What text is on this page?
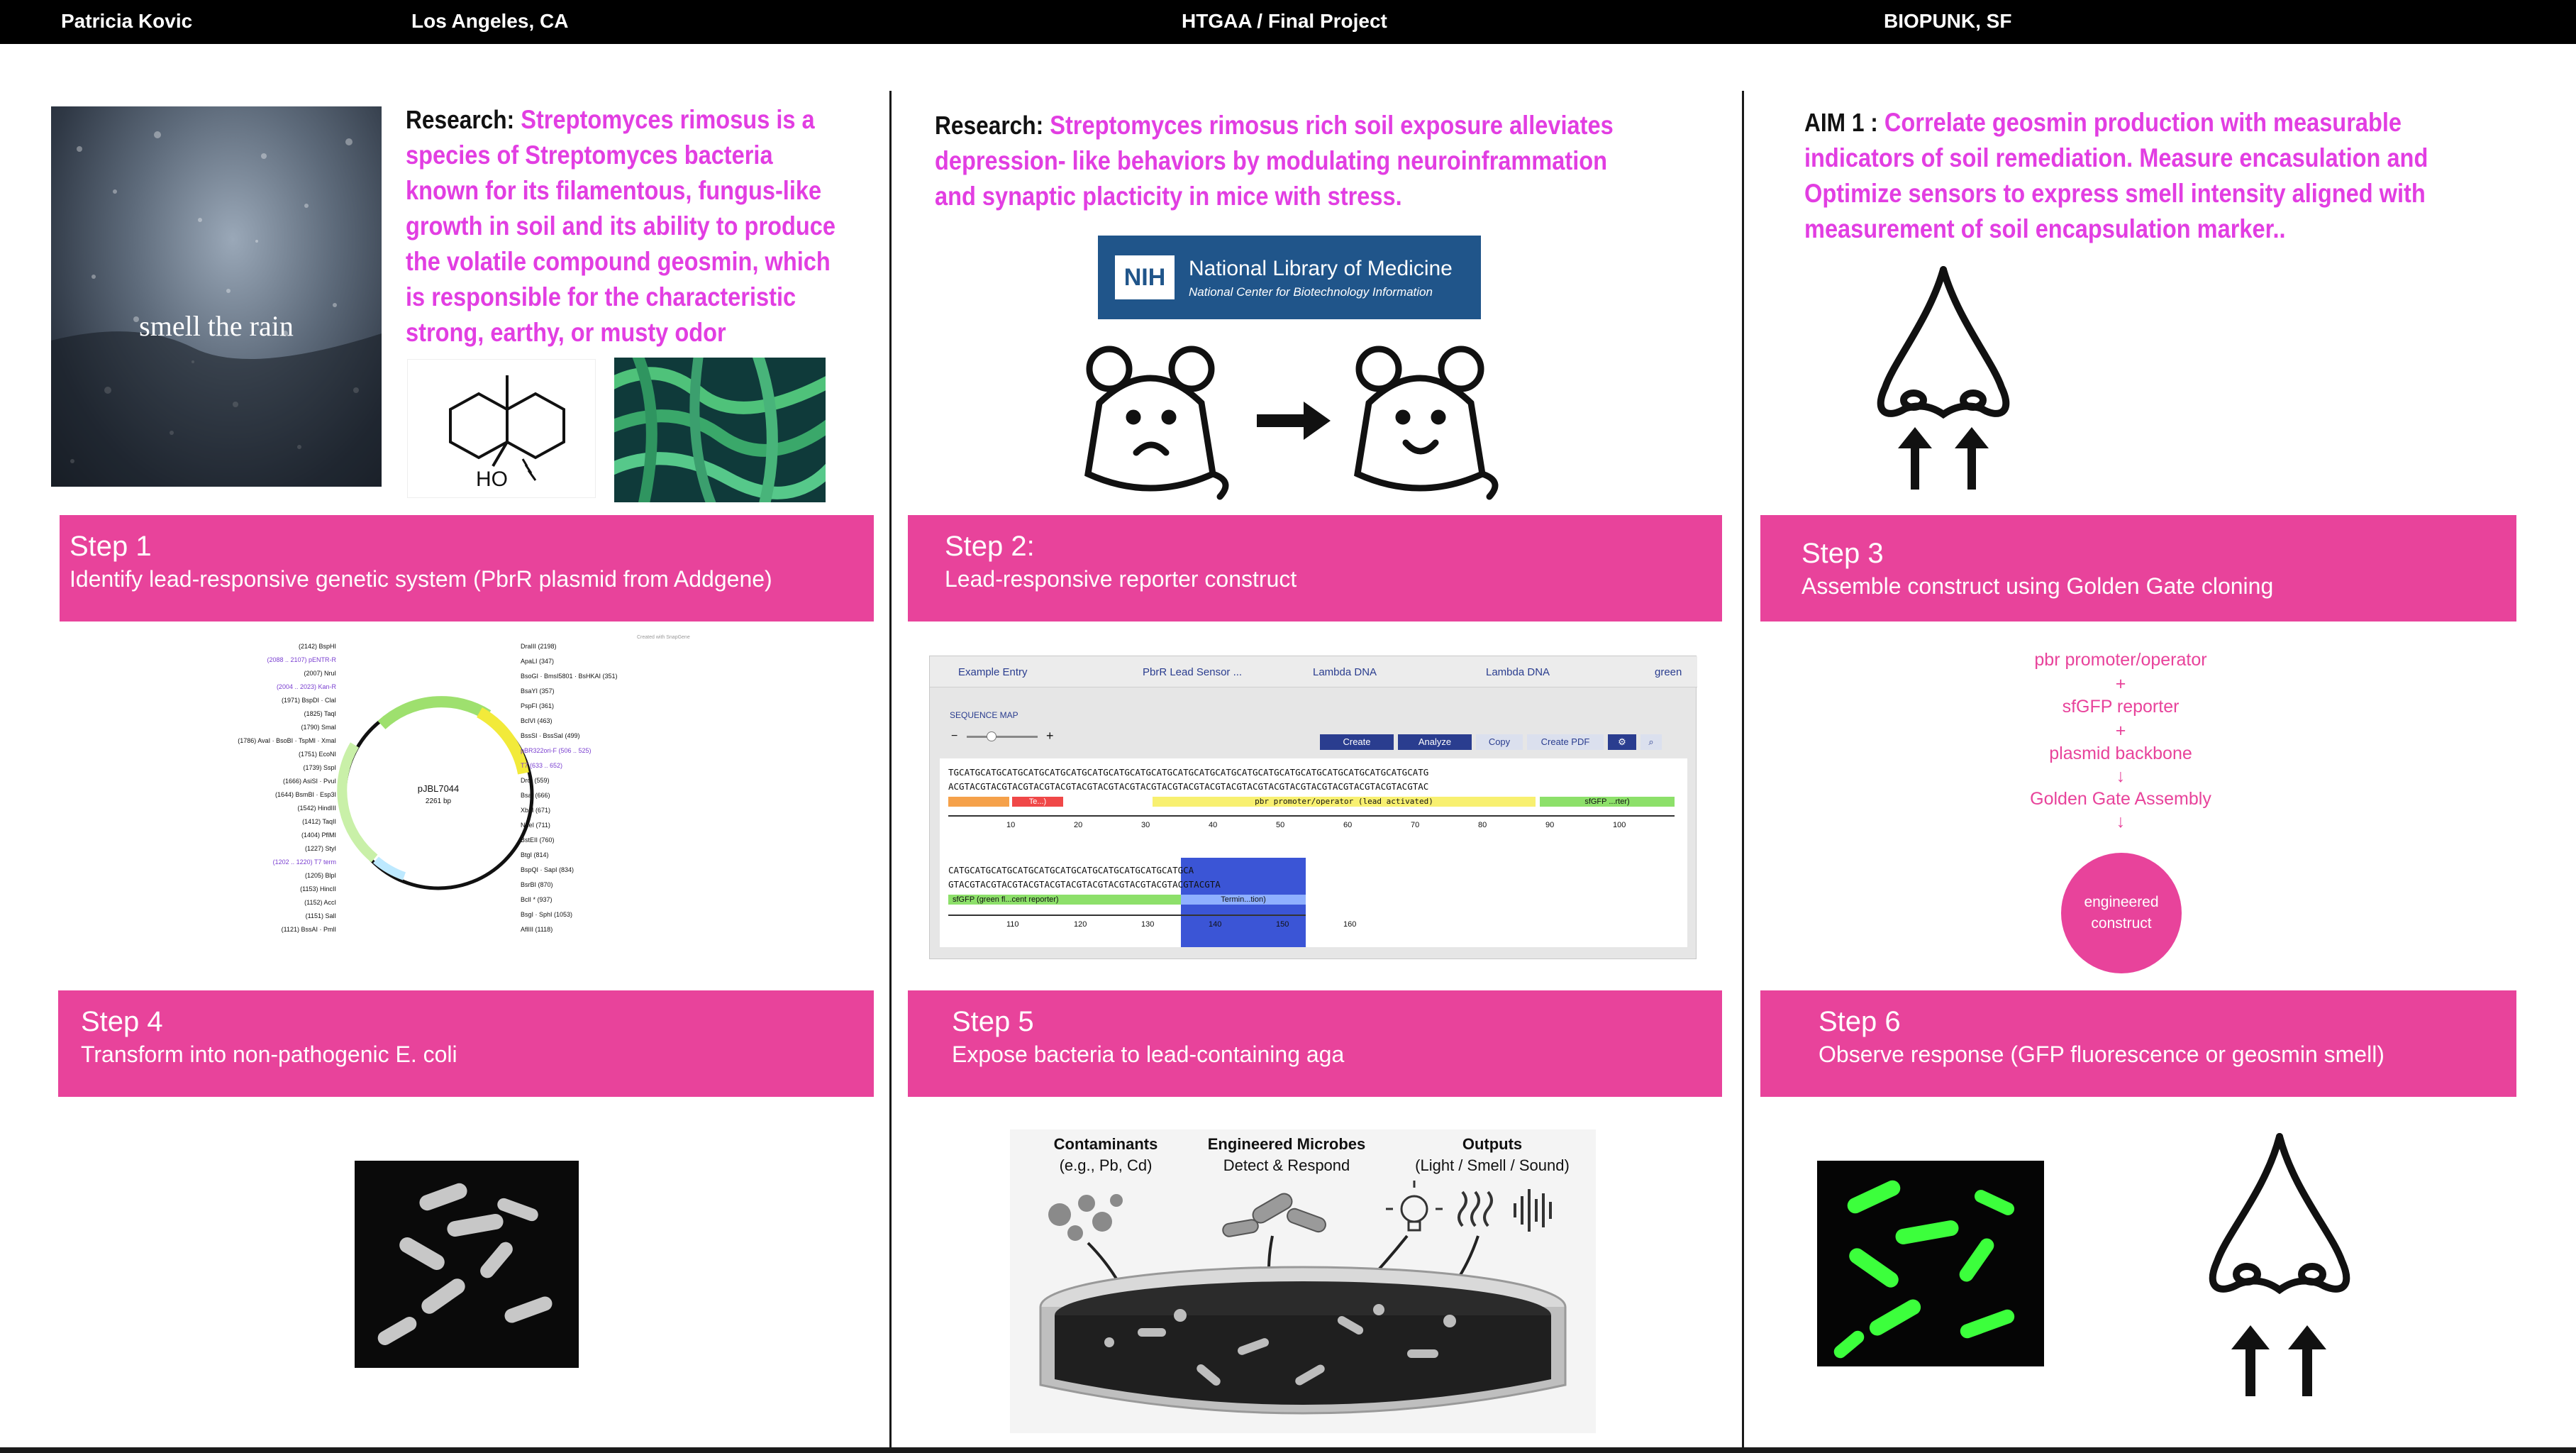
Patricia Kovic	Los Angeles, CA	HTGAA / Final Project	BIOPUNK, SF
smell the rain
Research: Streptomyces rimosus is a species of Streptomyces bacteria known for its filamentous, fungus-like growth in soil and its ability to produce the volatile compound geosmin, which is responsible for the characteristic strong, earthy, or musty odor
HO
Research: Streptomyces rimosus rich soil exposure alleviates depression- like behaviors by modulating neuroinframmation and synaptic placticity in mice with stress.
NIH	National Library of Medicine
National Center for Biotechnology Information
AIM 1 : Correlate geosmin production with measurable indicators of soil remediation. Measure encasulation and Optimize sensors to express smell intensity aligned with measurement of soil encapsulation marker..
Step 1
Identify lead-responsive genetic system (PbrR plasmid from Addgene)
Step 2:
Lead-responsive reporter construct
Step 3
Assemble construct using Golden Gate cloning
Step 4
Transform into non-pathogenic E. coli
Step 5
Expose bacteria to lead-containing aga
Step 6
Observe response (GFP fluorescence or geosmin smell)
Created with SnapGene
pJBL7044
2261 bp
(2142) BspHI
(2088 .. 2107) pENTR-R
(2007) NruI
(2004 .. 2023) Kan-R
(1971) BspDI · ClaI
(1825) TaqI
(1790) SmaI
(1786) AvaI · BsoBI · TspMI · XmaI
(1751) EcoNI
(1739) SspI
(1666) AsiSI · PvuI
(1644) BsmBI · Esp3I
(1542) HindIII
(1412) TaqII
(1404) PflMI
(1227) StyI
(1202 .. 1220) T7 term
(1205) BlpI
(1153) HincII
(1152) AccI
(1151) SalI
(1121) BssAI · PmlI
DraIII (2198)
ApaLI (347)
BsoGI · BmsI5801 · BsHKAI (351)
BsaYI (357)
PspFI (361)
BclVI (463)
BssSI · BssSaI (499)
pBR322ori-F (506 .. 525)
T7 (633 .. 652)
DrdI (559)
BsaI (666)
XbaI (671)
NdeI (711)
BstEII (760)
BtgI (814)
BspQI · SapI (834)
BsrBI (870)
BclI * (937)
BsgI · SphI (1053)
AflIII (1118)
Example Entry	PbrR Lead Sensor ...	Lambda DNA	Lambda DNA	green
SEQUENCE MAP
−	+	Create	Analyze	Copy	Create PDF	⚙	⌕
TGCATGCATGCATGCATGCATGCATGCATGCATGCATGCATGCATGCATGCATGCATGCATGCATGCATGCATGCATGCATGCATGCATG
ACGTACGTACGTACGTACGTACGTACGTACGTACGTACGTACGTACGTACGTACGTACGTACGTACGTACGTACGTACGTACGTACGTAC
Te...)	pbr promoter/operator (lead activated)	sfGFP ...rter)
10	20	30	40	50	60	70	80	90	100
CATGCATGCATGCATGCATGCATGCATGCATGCATGCATGCATGCA
GTACGTACGTACGTACGTACGTACGTACGTACGTACGTACGTACGTACGTA
sfGFP (green fl...cent reporter)	Termin...tion)
110	120	130	140	150	160
pbr promoter/operator
+
sfGFP reporter
+
plasmid backbone
↓
Golden Gate Assembly
↓
engineered
construct
Contaminants
(e.g., Pb, Cd)
Engineered Microbes
Detect & Respond
Outputs
(Light / Smell / Sound)
